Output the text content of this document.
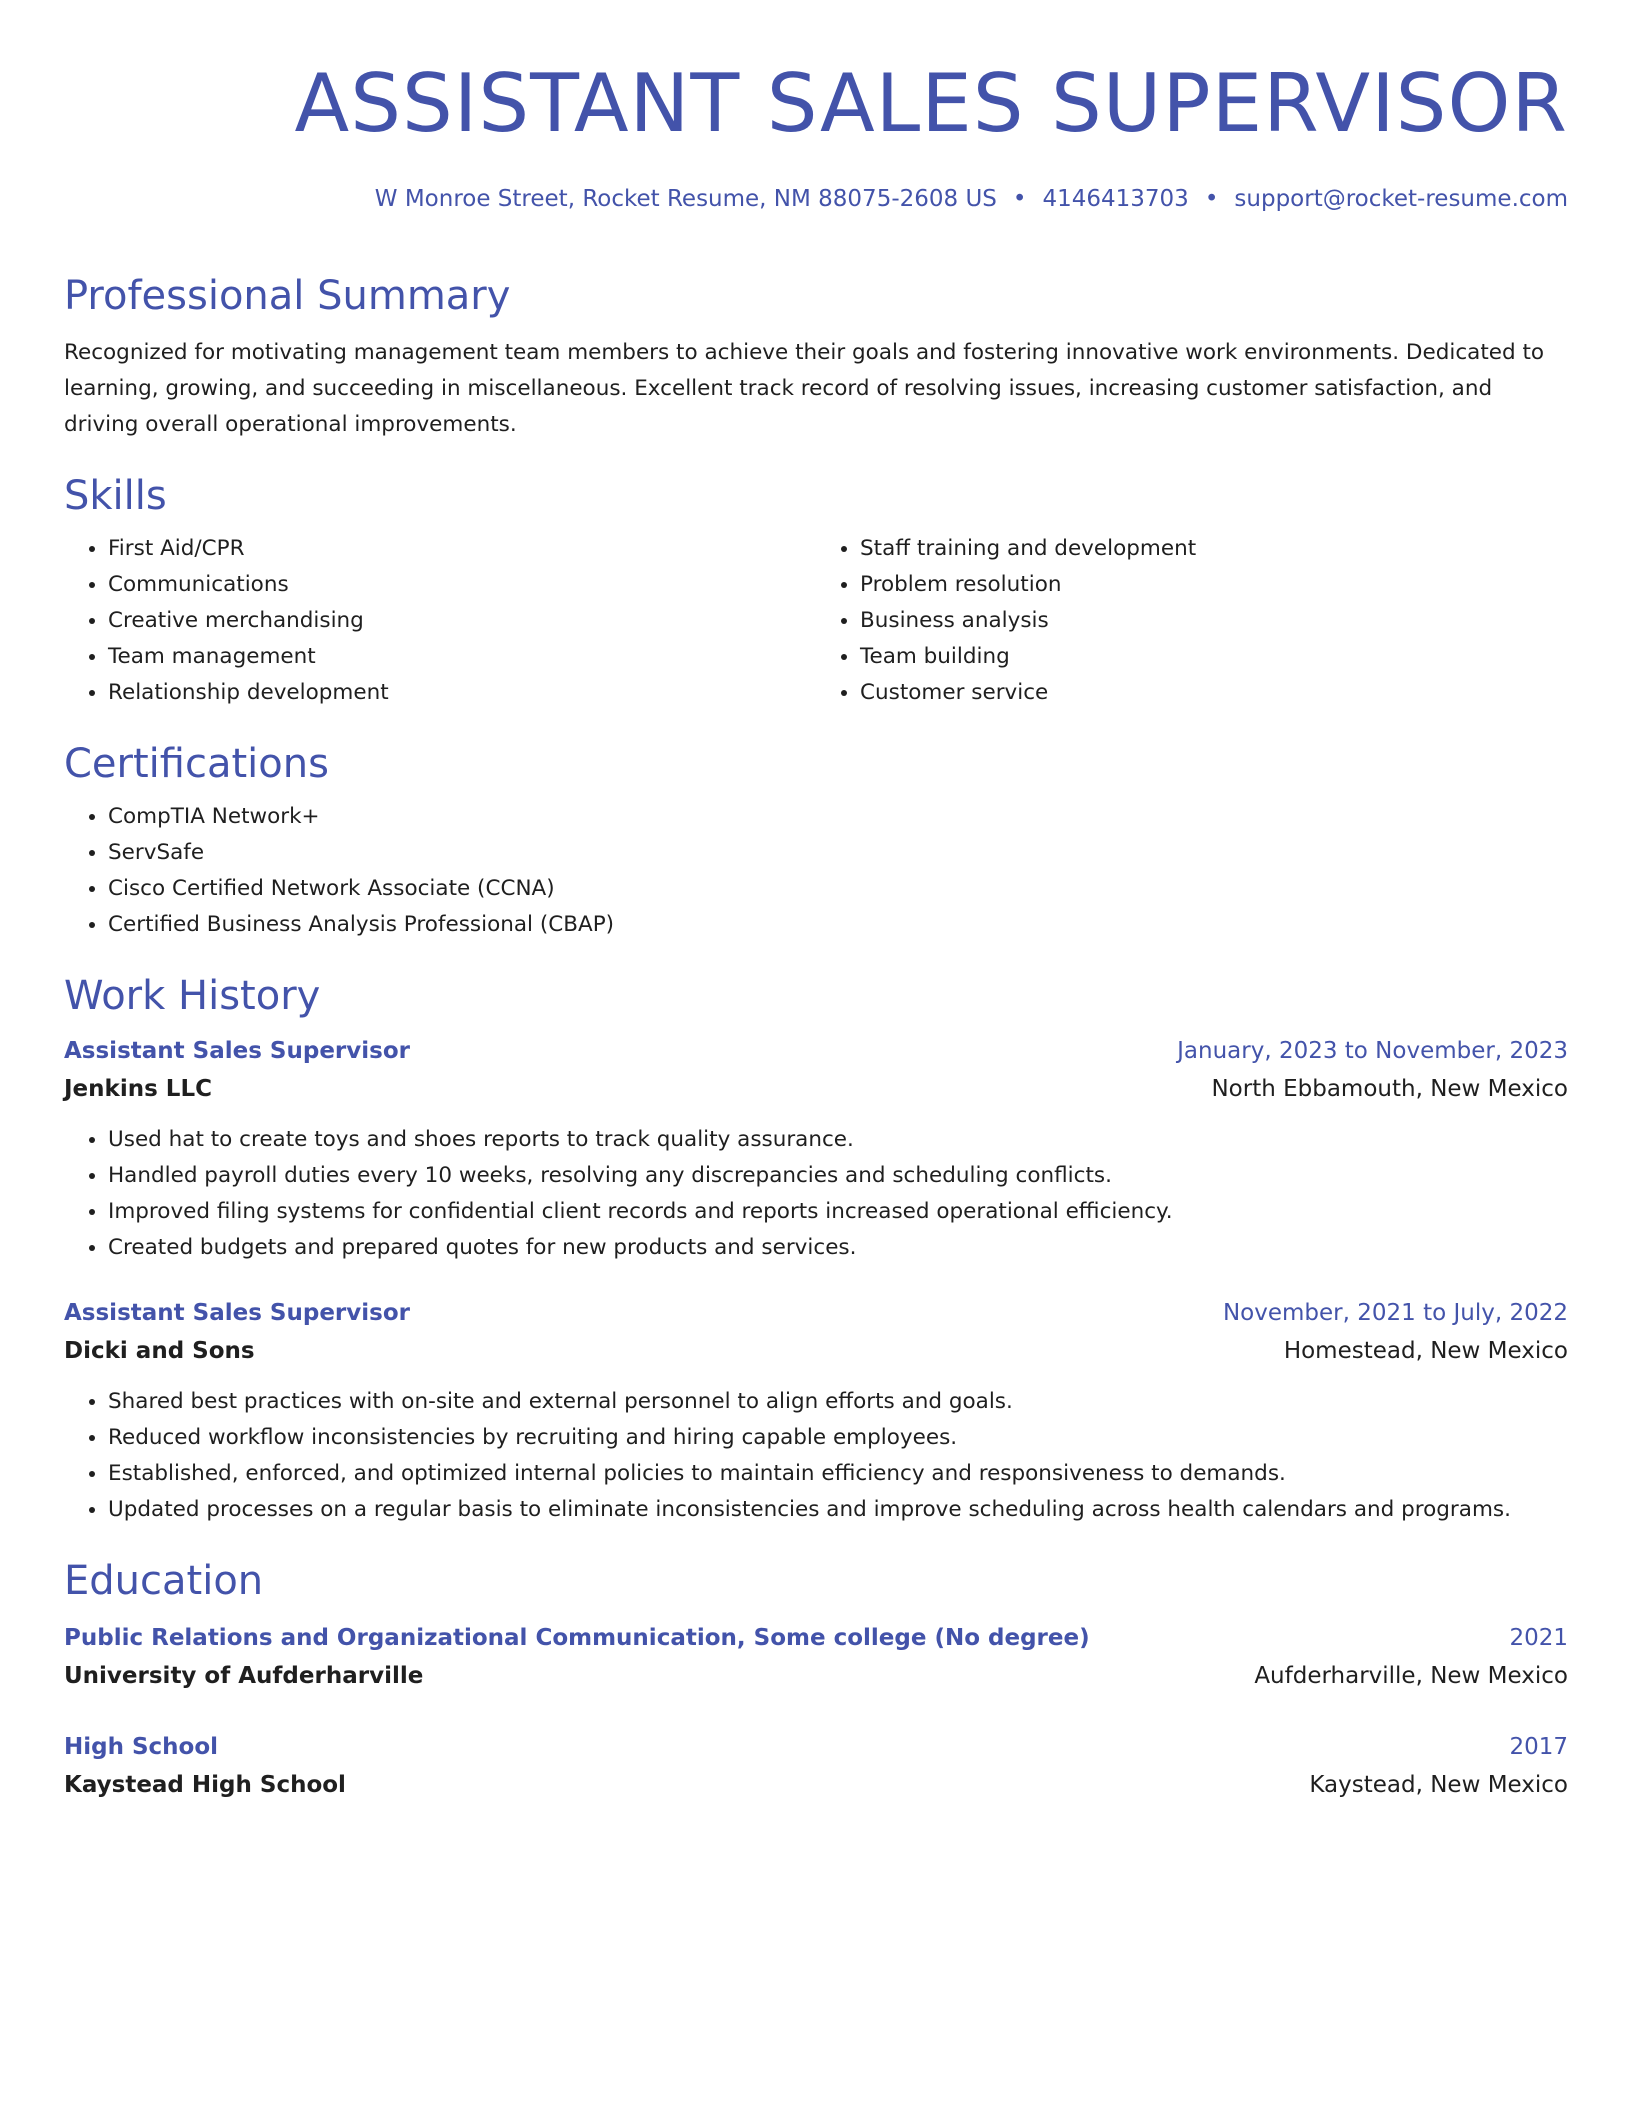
ASSISTANT SALES SUPERVISOR
W Monroe Street, Rocket Resume, NM 88075-2608 US • 4146413703 • support@rocket-resume.com
Professional Summary

Recognized for motivating management team members to achieve their goals and fostering innovative work environments. Dedicated to learning, growing, and succeeding in miscellaneous. Excellent track record of resolving issues, increasing customer satisfaction, and driving overall operational improvements.

Skills
• First Aid/CPR
• Communications
• Creative merchandising
• Team management
• Relationship development
• Staff training and development
• Problem resolution
• Business analysis
• Team building
• Customer service
Certifications
• CompTIA Network+
• ServSafe
• Cisco Certified Network Associate (CCNA)
• Certified Business Analysis Professional (CBAP)
Work History
Assistant Sales Supervisor	January, 2023 to November, 2023
Jenkins LLC	North Ebbamouth, New Mexico
• Used hat to create toys and shoes reports to track quality assurance.
• Handled payroll duties every 10 weeks, resolving any discrepancies and scheduling conflicts.
• Improved filing systems for confidential client records and reports increased operational efficiency.
• Created budgets and prepared quotes for new products and services.
Assistant Sales Supervisor	November, 2021 to July, 2022
Dicki and Sons	Homestead, New Mexico
• Shared best practices with on-site and external personnel to align efforts and goals.
• Reduced workflow inconsistencies by recruiting and hiring capable employees.
• Established, enforced, and optimized internal policies to maintain efficiency and responsiveness to demands.
• Updated processes on a regular basis to eliminate inconsistencies and improve scheduling across health calendars and programs.
Education
Public Relations and Organizational Communication, Some college (No degree)	2021
University of Aufderharville	Aufderharville, New Mexico
High School	2017
Kaystead High School	Kaystead, New Mexico
